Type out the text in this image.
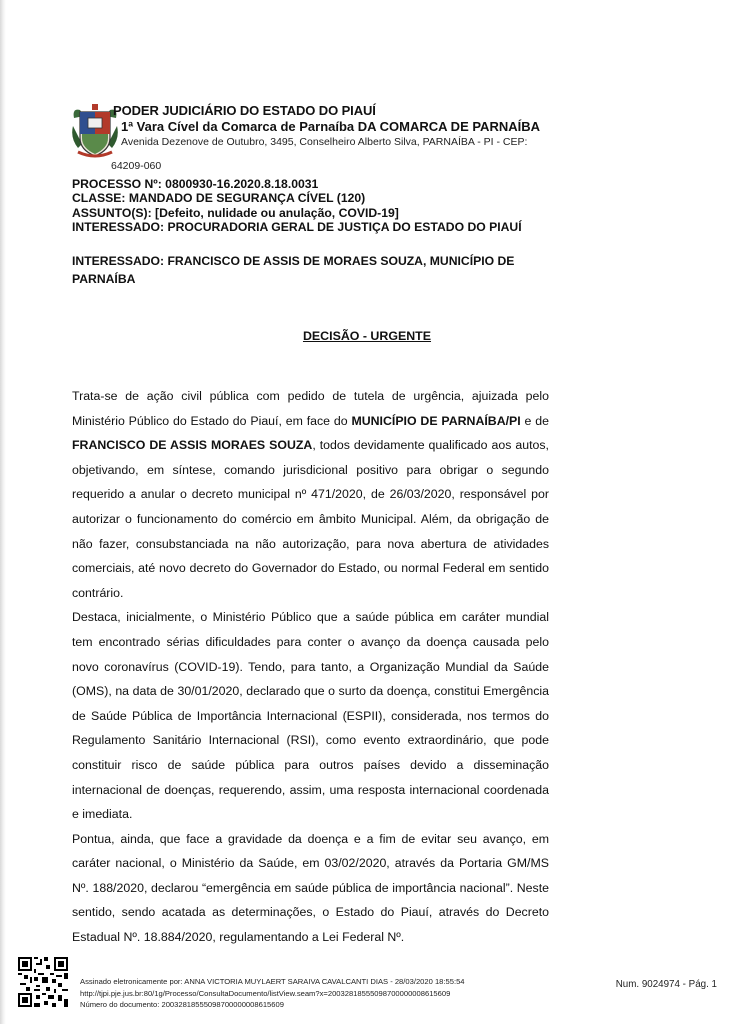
PODER JUDICIÁRIO DO ESTADO DO PIAUÍ
1ª Vara Cível da Comarca de Parnaíba DA COMARCA DE PARNAÍBA
Avenida Dezenove de Outubro, 3495, Conselheiro Alberto Silva, PARNAÍBA - PI - CEP:
64209-060
PROCESSO Nº: 0800930-16.2020.8.18.0031
CLASSE: MANDADO DE SEGURANÇA CÍVEL (120)
ASSUNTO(S): [Defeito, nulidade ou anulação, COVID-19]
INTERESSADO: PROCURADORIA GERAL DE JUSTIÇA DO ESTADO DO PIAUÍ
INTERESSADO: FRANCISCO DE ASSIS DE MORAES SOUZA, MUNICÍPIO DE PARNAÍBA
DECISÃO - URGENTE

Trata-se de ação civil pública com pedido de tutela de urgência, ajuizada pelo Ministério Público do Estado do Piauí, em face do MUNICÍPIO DE PARNAÍBA/PI e de FRANCISCO DE ASSIS MORAES SOUZA, todos devidamente qualificado aos autos, objetivando, em síntese, comando jurisdicional positivo para obrigar o segundo requerido a anular o decreto municipal nº 471/2020, de 26/03/2020, responsável por autorizar o funcionamento do comércio em âmbito Municipal. Além, da obrigação de não fazer, consubstanciada na não autorização, para nova abertura de atividades comerciais, até novo decreto do Governador do Estado, ou normal Federal em sentido contrário.

Destaca, inicialmente, o Ministério Público que a saúde pública em caráter mundial tem encontrado sérias dificuldades para conter o avanço da doença causada pelo novo coronavírus (COVID-19). Tendo, para tanto, a Organização Mundial da Saúde (OMS), na data de 30/01/2020, declarado que o surto da doença, constitui Emergência de Saúde Pública de Importância Internacional (ESPII), considerada, nos termos do Regulamento Sanitário Internacional (RSI), como evento extraordinário, que pode constituir risco de saúde pública para outros países devido a disseminação internacional de doenças, requerendo, assim, uma resposta internacional coordenada e imediata.

Pontua, ainda, que face a gravidade da doença e a fim de evitar seu avanço, em caráter nacional, o Ministério da Saúde, em 03/02/2020, através da Portaria GM/MS Nº. 188/2020, declarou “emergência em saúde pública de importância nacional”. Neste sentido, sendo acatada as determinações, o Estado do Piauí, através do Decreto Estadual Nº. 18.884/2020, regulamentando a Lei Federal Nº.

Assinado eletronicamente por: ANNA VICTORIA MUYLAERT SARAIVA CAVALCANTI DIAS - 28/03/2020 18:55:54
http://tjpi.pje.jus.br:80/1g/Processo/ConsultaDocumento/listView.seam?x=20032818555098700000008615609
Número do documento: 20032818555098700000008615609
Num. 9024974 - Pág. 1
